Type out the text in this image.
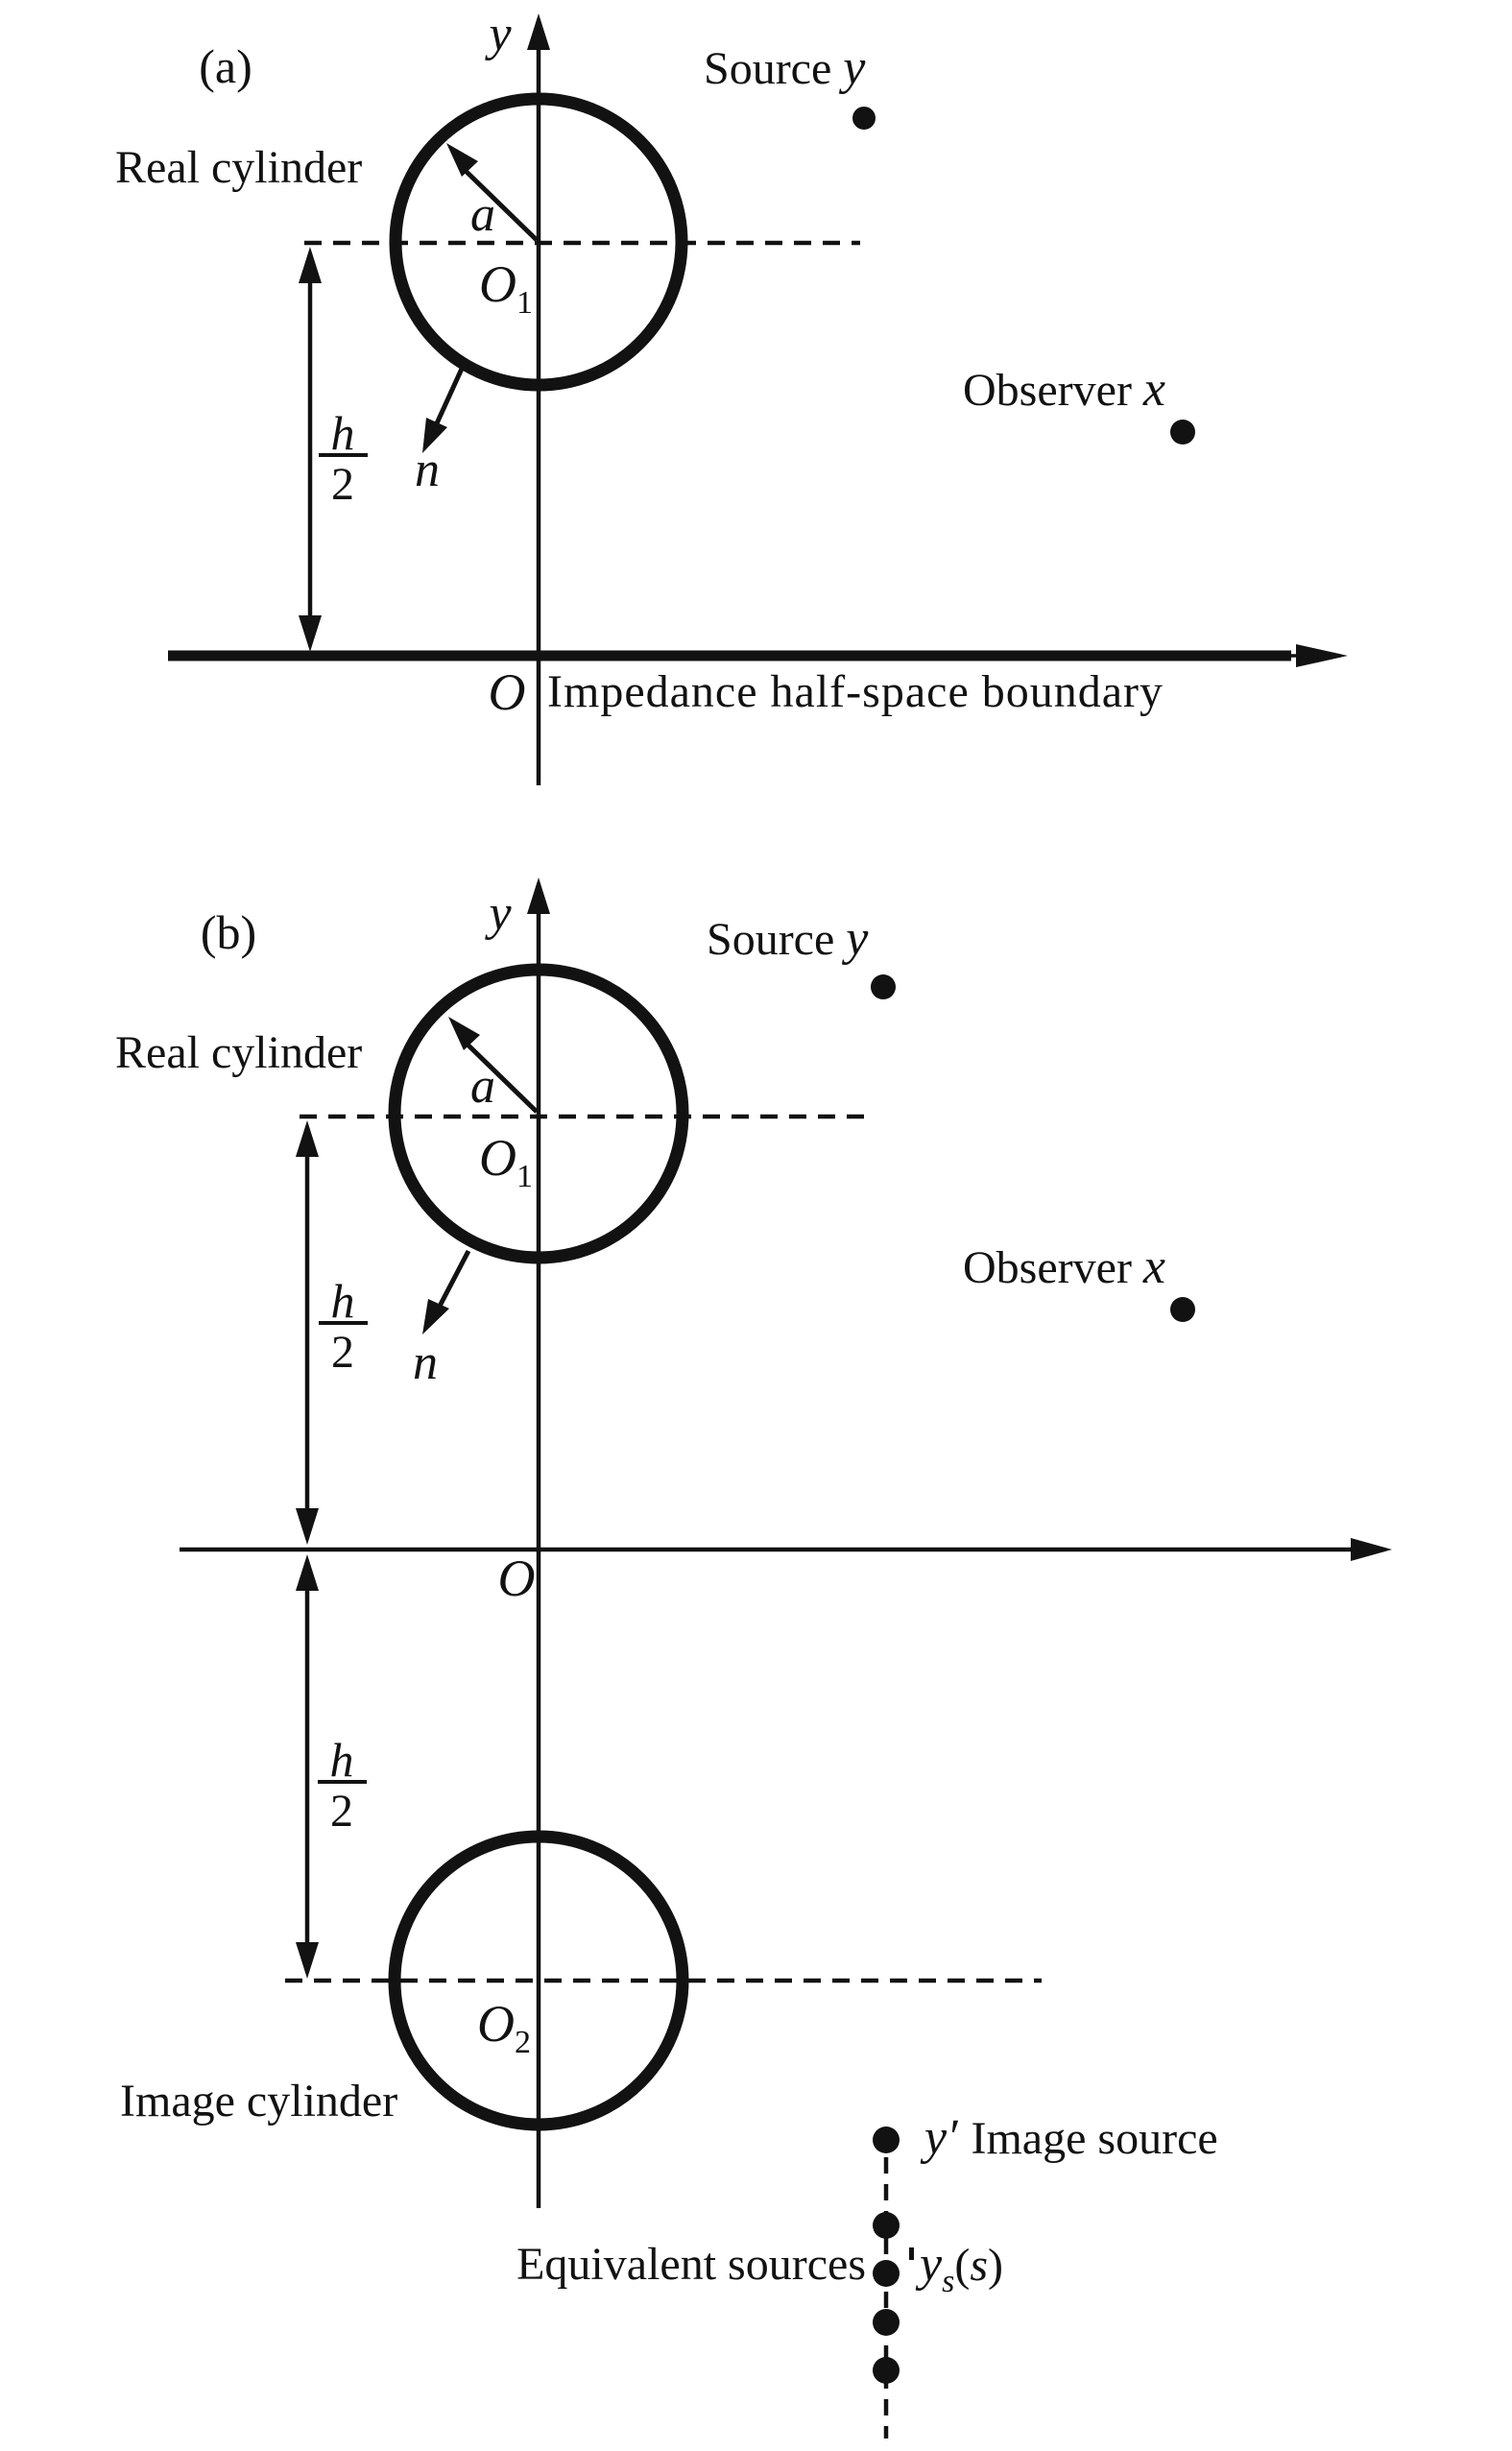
(a)
y
Real cylinder
a
O1
h
2 n
O Impedance half-space boundary
Source y
Observer x
(b)	y
Real cylinder
a
O1
h
2 n
O
h
2
O2
Image cylinder
Source y
Observer x
y′ Image source
Equivalent sources ys(s)
